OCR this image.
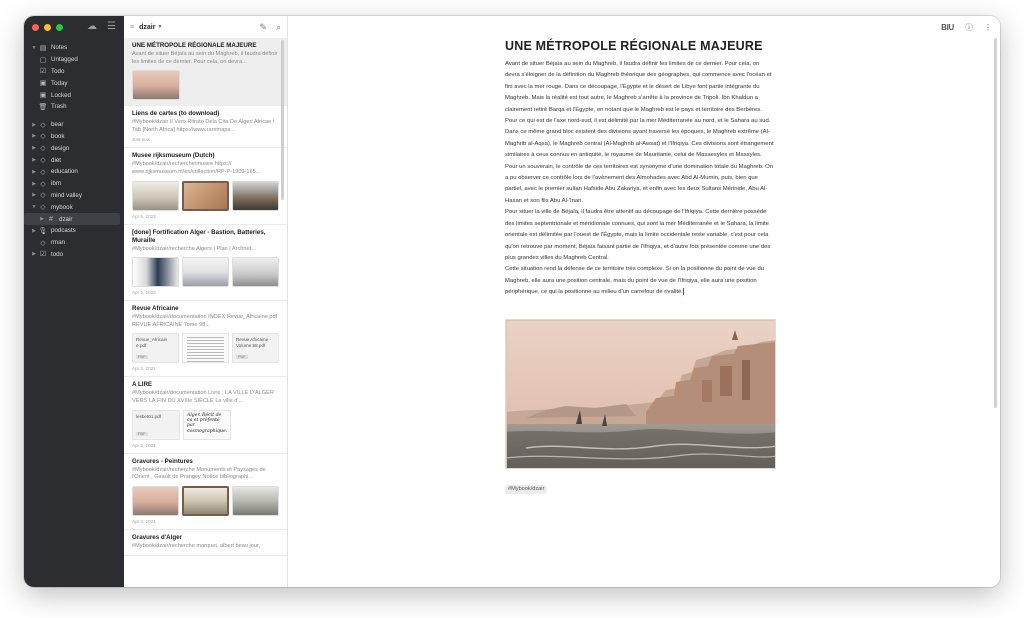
☁ ☰
▼ ▤ Notes
▢ Untagged
☑ Todo
▣ Today
▣ Locked
🗑 Trash
▶ ◇ bear
▶ ◇ book
▶ ◇ design
▶ ◇ diet
▶ ◇ education
▶ ◇ ibm
▶ ◇ mind valley
▼ ◇ mybook
▶ # dzair
▶ 🎙 podcasts
◇ rman
▶ ☑ todo
≡ dzair ▼	✎ ⌕
UNE MÉTROPOLE RÉGIONALE MAJEURE
Avant de situer Béjaïa au sein du Maghreb, il faudra définir les limites de ce dernier. Pour cela, on devra...
Liens de cartes (to download)
#Mybook/dzair Il Vero Ritrato Dela Cita De Algeri Africae I Tab [North Africa] https://www.raremaps...
Just now
Musee rijksmuseum (Dutch)
#Mybook/dzair/recherche/musee https:// www.rijksmuseum.nl/en/collection/RP-P-1909-165...
Apr 5, 2022
[done] Fortification Alger - Bastion, Batteries, Muraille
#Mybook/dzair/recherche Algers | Plan | Archnet...
Apr 2, 2022
Revue Africaine
#Mybook/dzair/documentation INDEX Revue_Africaine.pdf REVUE AFRICAINE Tome 98...
Revue_Africain e.pdf
PDF
Revue Africaine - Volume 98.pdf
PDF
Apr 3, 2021
A LIRE
#Mybook/dzair/documentation Livre : LA VILLE D'ALGER VERS LA FIN DU XVIIIe SIÈCLE La ville d'...
lesbet01.pdf
PDF
Alger. Récit de ca et préfenté par cosmographique.
Apr 3, 2021
Gravures - Peintures
#Mybook/dzair/recherche Monuments et Paysages de l'Orient , Girault de Prangey Notice bibliographi...
Apr 3, 2021
Gravures d'Alger
#Mybook/dzair/recherche marquet, albert beau jour,
BIU ⓘ ⋮
UNE MÉTROPOLE RÉGIONALE MAJEURE
Avant de situer Béjaïa au sein du Maghreb, il faudra définir les limites de ce dernier. Pour cela, on devra s'éloigner de la définition du Maghreb théorique des géographes, qui commence avec l'océan et fini avec la mer rouge. Dans ce découpage, l'Égypte et le désert de Libye font partie intégrante du Maghreb. Mais la réalité est tout autre, le Maghreb s'arrête à la province de Tripoli. Ibn Khaldun a clairement retiré Barqa et l'Égypte, en notant que le Maghreb est le pays et territoire des Berbères. Pour ce qui est de l'axe nord-sud, il est délimité par la mer Méditerranée au nord, et le Sahara au sud.
Dans ce même grand bloc existent des divisions ayant traversé les époques, le Maghreb extrême (Al-Maghrib al-Aqsa), le Maghreb central (Al-Maghrib al-Awsat) et l'Ifriqiya. Ces divisions sont étrangement similaires à ceux connus en antiquité, le royaume de Mauritanie, celui de Masaesyles et Massyles.
Pour un souverain, le contrôle de ces territoires est synonyme d'une domination totale du Maghreb. On a pu observer ce contrôle lors de l'avènement des Almohades avec Abd Al-Mumin, puis, bien que partiel, avec le premier sultan Hafside Abu Zakariya, et enfin avec les deux Sultans Mérinide, Abu Al-Hasan et son fils Abu Al-'Inan.
Pour situer la ville de Béjaïa, il faudra être attentif au découpage de l'Ifriqiya. Cette dernière possède des limites septentrionale et méridionale connues, qui sont la mer Méditerranée et le Sahara, la limite orientale est délimitée par l'ouest de l'Égypte, mais la limite occidentale reste variable, c'est pour cela qu'on retrouve par moment, Béjaïa faisant partie de l'Ifriqiya, et d'autre fois présentée comme une des plus grandes villes du Maghreb Central.
Cette situation rend la défense de ce territoire très complexe. Si on la positionne du point de vue du Maghreb, elle aura une position centrale, mais du point de vue de l'Ifriqiya, elle aura une position périphérique, ce qui la positionne au milieu d'un carrefour de rivalité.
#Mybook/dzair
